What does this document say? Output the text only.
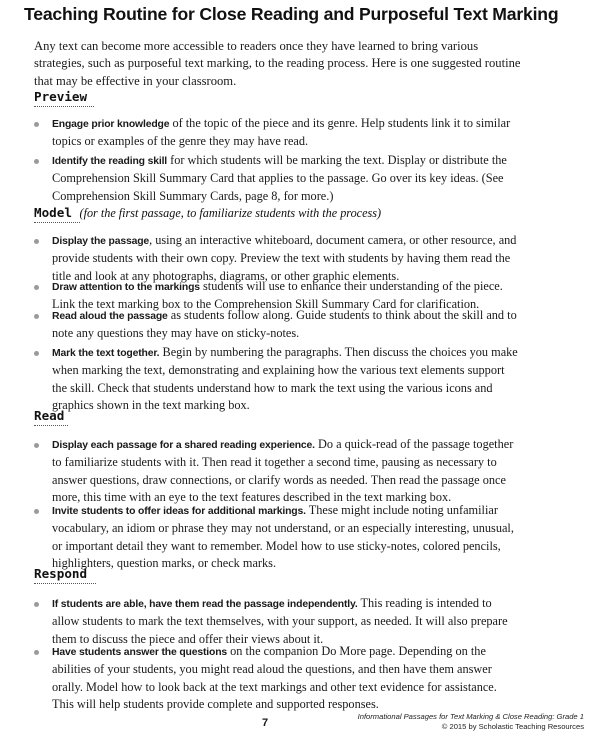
Teaching Routine for Close Reading and Purposeful Text Marking

Any text can become more accessible to readers once they have learned to bring various strategies, such as purposeful text marking, to the reading process. Here is one suggested routine that may be effective in your classroom.

Preview

Engage prior knowledge of the topic of the piece and its genre. Help students link it to similar topics or examples of the genre they may have read.

Identify the reading skill for which students will be marking the text. Display or distribute the Comprehension Skill Summary Card that applies to the passage. Go over its key ideas. (See Comprehension Skill Summary Cards, page 8, for more.)

Model (for the first passage, to familiarize students with the process)

Display the passage, using an interactive whiteboard, document camera, or other resource, and provide students with their own copy. Preview the text with students by having them read the title and look at any photographs, diagrams, or other graphic elements.

Draw attention to the markings students will use to enhance their understanding of the piece. Link the text marking box to the Comprehension Skill Summary Card for clarification.

Read aloud the passage as students follow along. Guide students to think about the skill and to note any questions they may have on sticky-notes.

Mark the text together. Begin by numbering the paragraphs. Then discuss the choices you make when marking the text, demonstrating and explaining how the various text elements support the skill. Check that students understand how to mark the text using the various icons and graphics shown in the text marking box.

Read

Display each passage for a shared reading experience. Do a quick-read of the passage together to familiarize students with it. Then read it together a second time, pausing as necessary to answer questions, draw connections, or clarify words as needed. Then read the passage once more, this time with an eye to the text features described in the text marking box.

Invite students to offer ideas for additional markings. These might include noting unfamiliar vocabulary, an idiom or phrase they may not understand, or an especially interesting, unusual, or important detail they want to remember. Model how to use sticky-notes, colored pencils, highlighters, question marks, or check marks.

Respond

If students are able, have them read the passage independently. This reading is intended to allow students to mark the text themselves, with your support, as needed. It will also prepare them to discuss the piece and offer their views about it.

Have students answer the questions on the companion Do More page. Depending on the abilities of your students, you might read aloud the questions, and then have them answer orally. Model how to look back at the text markings and other text evidence for assistance. This will help students provide complete and supported responses.

7
Informational Passages for Text Marking & Close Reading: Grade 1
© 2015 by Scholastic Teaching Resources
